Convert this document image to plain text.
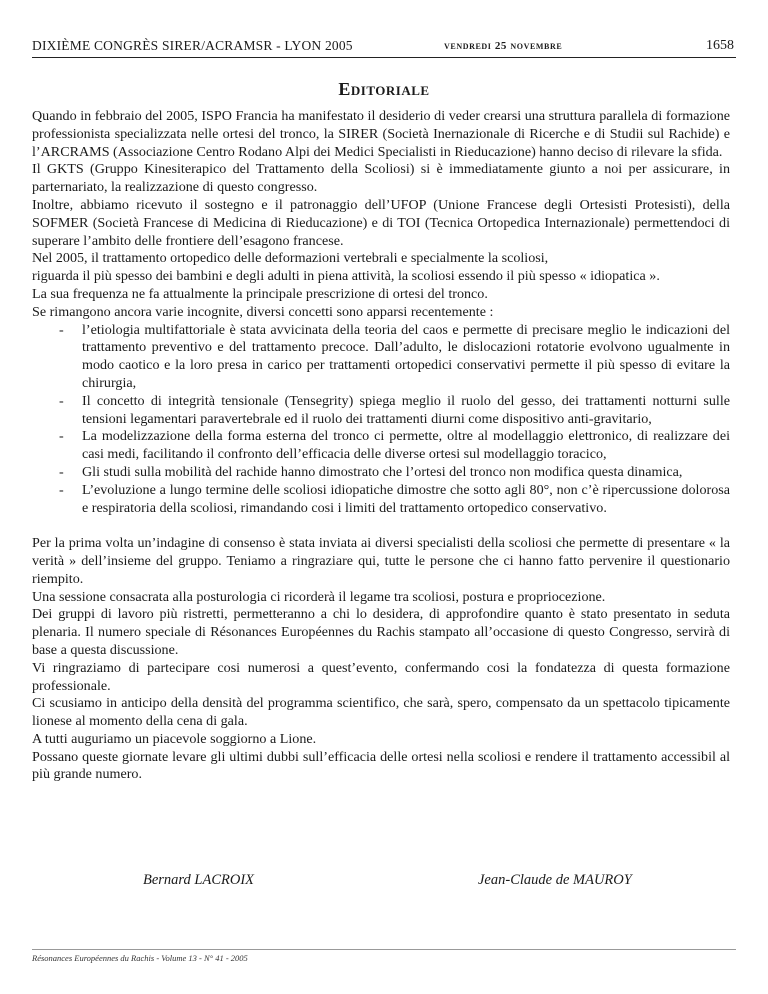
DIXIÈME CONGRÈS SIRER/ACRAMSR - LYON 2005	vendredi 25 novembre	1658
Editoriale

Quando in febbraio del 2005, ISPO Francia ha manifestato il desiderio di veder crearsi una struttura parallela di formazione professionista specializzata nelle ortesi del tronco, la SIRER (Società Inernazionale di Ricerche e di Studii sul Rachide) e l’ARCRAMS (Associazione Centro Rodano Alpi dei Medici Specialisti in Rieducazione) hanno deciso di rilevare la sfida.

Il GKTS (Gruppo Kinesiterapico del Trattamento della Scoliosi) si è immediatamente giunto a noi per assicurare, in parternariato, la realizzazione di questo congresso.

Inoltre, abbiamo ricevuto il sostegno e il patronaggio dell’UFOP (Unione Francese degli Ortesisti Protesisti), della SOFMER (Società Francese di Medicina di Rieducazione) e di TOI (Tecnica Ortopedica Internazionale) permettendoci di superare l’ambito delle frontiere dell’esagono francese.

Nel 2005, il trattamento ortopedico delle deformazioni vertebrali e specialmente la scoliosi,

riguarda il più spesso dei bambini e degli adulti in piena attività, la scoliosi essendo il più spesso « idiopatica ».

La sua frequenza ne fa attualmente la principale prescrizione di ortesi del tronco.

Se rimangono ancora varie incognite, diversi concetti sono apparsi recentemente :

- l’etiologia multifattoriale è stata avvicinata della teoria del caos e permette di precisare meglio le indicazioni del trattamento preventivo e del trattamento precoce. Dall’adulto, le dislocazioni rotatorie evolvono ugualmente in modo caotico e la loro presa in carico per trattamenti ortopedici conservativi permette il più spesso di evitare la chirurgia,
- Il concetto di integrità tensionale (Tensegrity) spiega meglio il ruolo del gesso, dei trattamenti notturni sulle tensioni legamentari paravertebrale ed il ruolo dei trattamenti diurni come dispositivo anti-gravitario,
- La modelizzazione della forma esterna del tronco ci permette, oltre al modellaggio elettronico, di realizzare dei casi medi, facilitando il confronto dell’efficacia delle diverse ortesi sul modellaggio toracico,
- Gli studi sulla mobilità del rachide hanno dimostrato che l’ortesi del tronco non modifica questa dinamica,
- L’evoluzione a lungo termine delle scoliosi idiopatiche dimostre che sotto agli 80°, non c’è ripercussione dolorosa e respiratoria della scoliosi, rimandando cosi i limiti del trattamento ortopedico conservativo.

Per la prima volta un’indagine di consenso è stata inviata ai diversi specialisti della scoliosi che permette di presentare « la verità » dell’insieme del gruppo. Teniamo a ringraziare qui, tutte le persone che ci hanno fatto pervenire il questionario riempito.

Una sessione consacrata alla posturologia ci ricorderà il legame tra scoliosi, postura e propriocezione.

Dei gruppi di lavoro più ristretti, permetteranno a chi lo desidera, di approfondire quanto è stato presentato in seduta plenaria. Il numero speciale di Résonances Européennes du Rachis stampato all’occasione di questo Congresso, servirà di base a questa discussione.

Vi ringraziamo di partecipare cosi numerosi a quest’evento, confermando cosi la fondatezza di questa formazione professionale.

Ci scusiamo in anticipo della densità del programma scientifico, che sarà, spero, compensato da un spettacolo tipicamente lionese al momento della cena di gala.

A tutti auguriamo un piacevole soggiorno a Lione.

Possano queste giornate levare gli ultimi dubbi sull’efficacia delle ortesi nella scoliosi e rendere il trattamento accessibil al più grande numero.

Bernard LACROIX	Jean-Claude de MAUROY
Résonances Européennes du Rachis - Volume 13 - N° 41 - 2005
